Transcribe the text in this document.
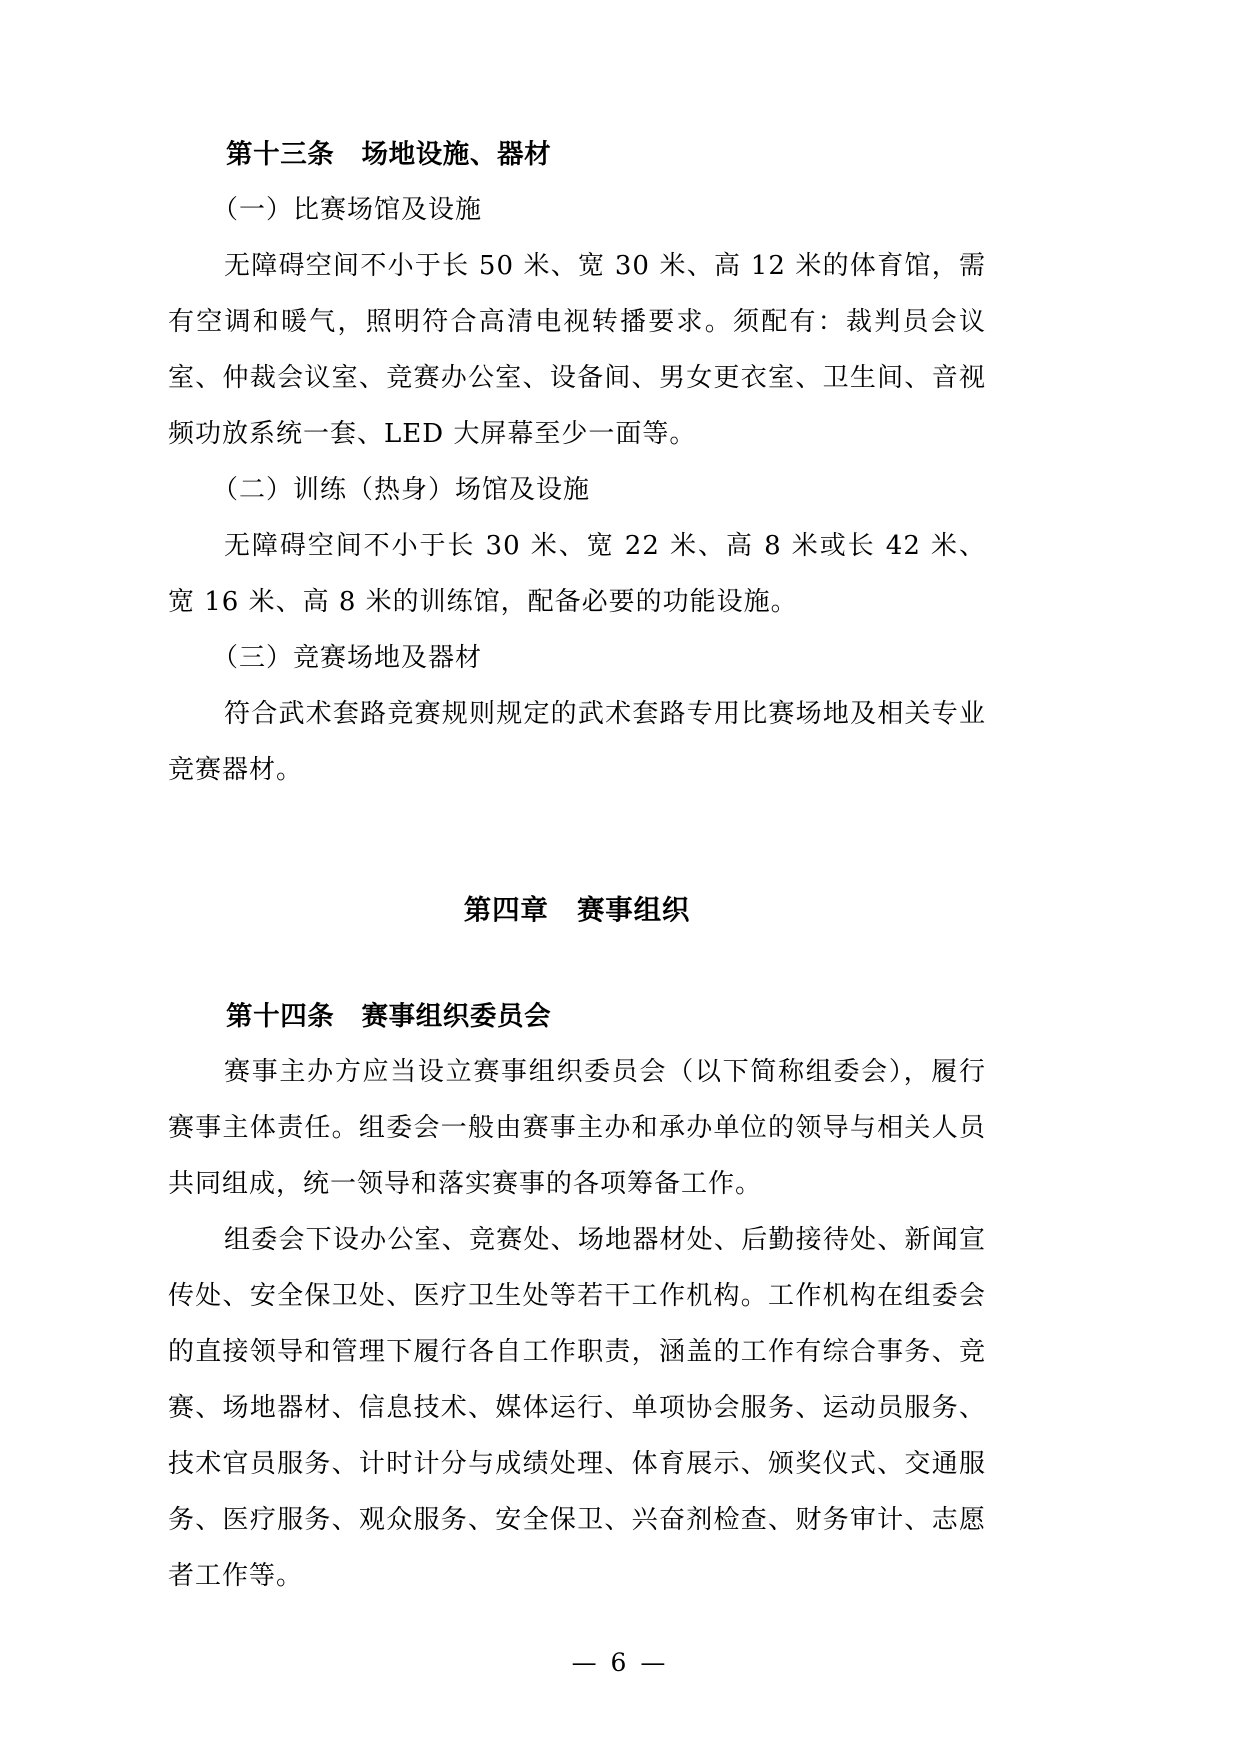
第十三条　场地设施、器材
（一）比赛场馆及设施
无障碍空间不小于长 50 米、宽 30 米、高 12 米的体育馆，需有空调和暖气，照明符合高清电视转播要求。须配有：裁判员会议室、仲裁会议室、竞赛办公室、设备间、男女更衣室、卫生间、音视频功放系统一套、LED 大屏幕至少一面等。
（二）训练（热身）场馆及设施
无障碍空间不小于长 30 米、宽 22 米、高 8 米或长 42 米、宽 16 米、高 8 米的训练馆，配备必要的功能设施。
（三）竞赛场地及器材
符合武术套路竞赛规则规定的武术套路专用比赛场地及相关专业竞赛器材。
第四章　赛事组织
第十四条　赛事组织委员会
赛事主办方应当设立赛事组织委员会（以下简称组委会），履行赛事主体责任。组委会一般由赛事主办和承办单位的领导与相关人员共同组成，统一领导和落实赛事的各项筹备工作。
组委会下设办公室、竞赛处、场地器材处、后勤接待处、新闻宣传处、安全保卫处、医疗卫生处等若干工作机构。工作机构在组委会的直接领导和管理下履行各自工作职责，涵盖的工作有综合事务、竞赛、场地器材、信息技术、媒体运行、单项协会服务、运动员服务、技术官员服务、计时计分与成绩处理、体育展示、颁奖仪式、交通服务、医疗服务、观众服务、安全保卫、兴奋剂检查、财务审计、志愿者工作等。
— 6 —
